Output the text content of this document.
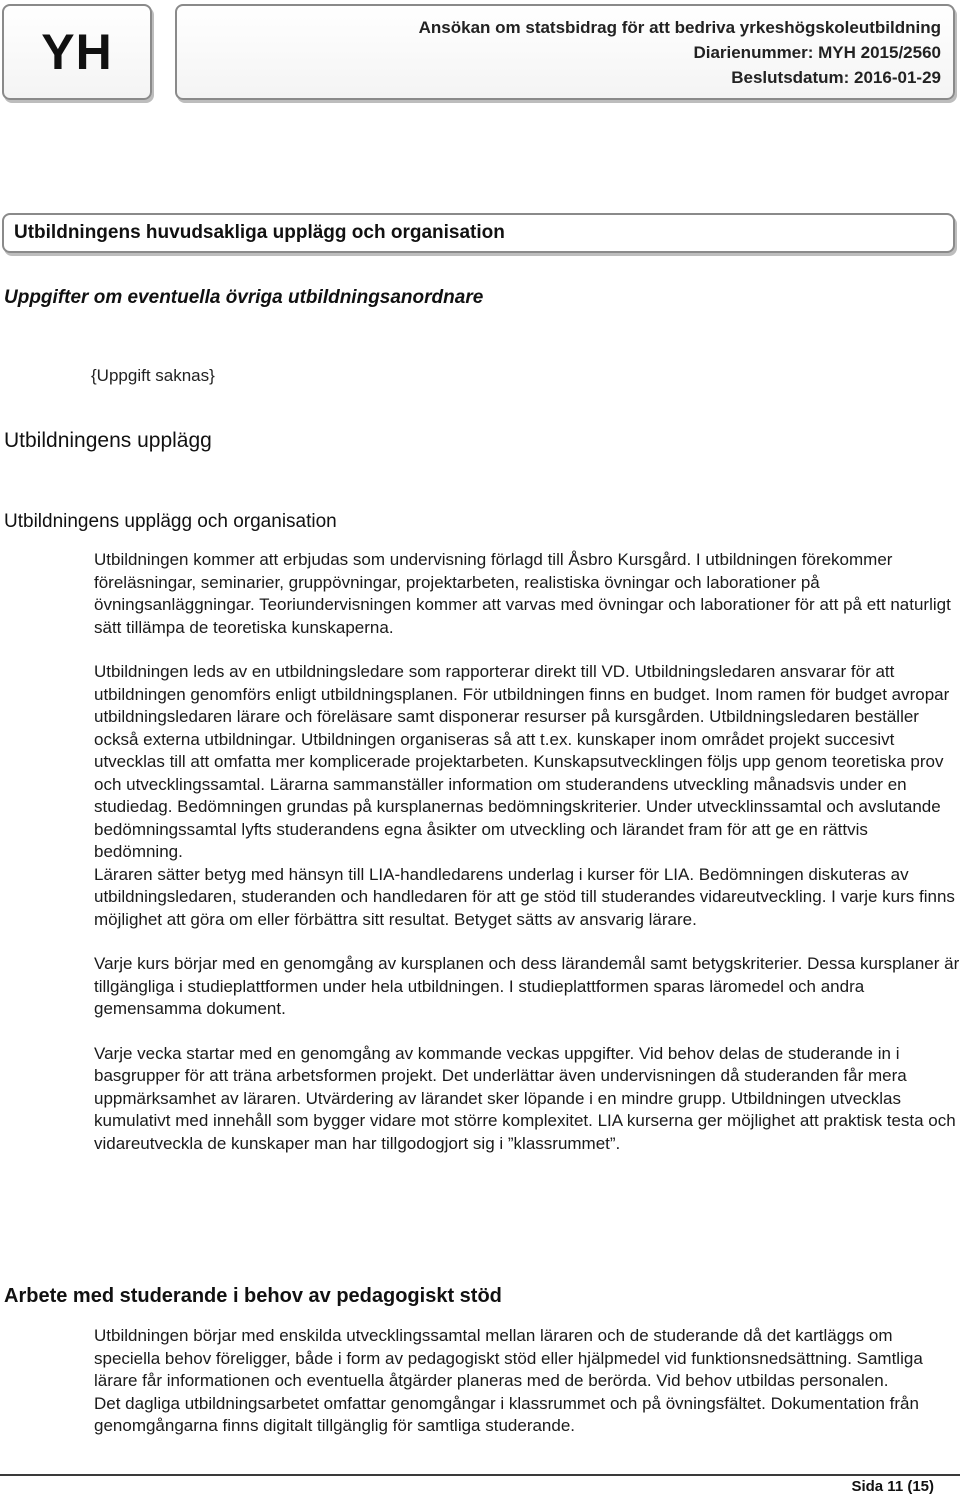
YH	Ansökan om statsbidrag för att bedriva yrkeshögskoleutbildning
Diarienummer: MYH 2015/2560
Beslutsdatum: 2016-01-29
Utbildningens huvudsakliga upplägg och organisation
Uppgifter om eventuella övriga utbildningsanordnare
{Uppgift saknas}
Utbildningens upplägg
Utbildningens upplägg och organisation

Utbildningen kommer att erbjudas som undervisning förlagd till Åsbro Kursgård. I utbildningen förekommer föreläsningar, seminarier, gruppövningar, projektarbeten, realistiska övningar och laborationer på övningsanläggningar. Teoriundervisningen kommer att varvas med övningar och laborationer för att på ett naturligt sätt tillämpa de teoretiska kunskaperna.

Utbildningen leds av en utbildningsledare som rapporterar direkt till VD. Utbildningsledaren ansvarar för att utbildningen genomförs enligt utbildningsplanen. För utbildningen finns en budget. Inom ramen för budget avropar utbildningsledaren lärare och föreläsare samt disponerar resurser på kursgården. Utbildningsledaren beställer också externa utbildningar. Utbildningen organiseras så att t.ex. kunskaper inom området projekt succesivt utvecklas till att omfatta mer komplicerade projektarbeten. Kunskapsutvecklingen följs upp genom teoretiska prov och utvecklingssamtal. Lärarna sammanställer information om studerandens utveckling månadsvis under en studiedag. Bedömningen grundas på kursplanernas bedömningskriterier. Under utvecklinssamtal och avslutande bedömningssamtal lyfts studerandens egna åsikter om utveckling och lärandet fram för att ge en rättvis bedömning.

Läraren sätter betyg med hänsyn till LIA-handledarens underlag i kurser för LIA. Bedömningen diskuteras av utbildningsledaren, studeranden och handledaren för att ge stöd till studerandes vidareutveckling. I varje kurs finns möjlighet att göra om eller förbättra sitt resultat. Betyget sätts av ansvarig lärare.

Varje kurs börjar med en genomgång av kursplanen och dess lärandemål samt betygskriterier. Dessa kursplaner är tillgängliga i studieplattformen under hela utbildningen. I studieplattformen sparas läromedel och andra gemensamma dokument.

Varje vecka startar med en genomgång av kommande veckas uppgifter. Vid behov delas de studerande in i basgrupper för att träna arbetsformen projekt. Det underlättar även undervisningen då studeranden får mera uppmärksamhet av läraren. Utvärdering av lärandet sker löpande i en mindre grupp. Utbildningen utvecklas kumulativt med innehåll som bygger vidare mot större komplexitet. LIA kurserna ger möjlighet att praktisk testa och vidareutveckla de kunskaper man har tillgodogjort sig i ”klassrummet”.

Arbete med studerande i behov av pedagogiskt stöd

Utbildningen börjar med enskilda utvecklingssamtal mellan läraren och de studerande då det kartläggs om speciella behov föreligger, både i form av pedagogiskt stöd eller hjälpmedel vid funktionsnedsättning. Samtliga lärare får informationen och eventuella åtgärder planeras med de berörda. Vid behov utbildas personalen.

Det dagliga utbildningsarbetet omfattar genomgångar i klassrummet och på övningsfältet. Dokumentation från genomgångarna finns digitalt tillgänglig för samtliga studerande.

Sida 11 (15)
